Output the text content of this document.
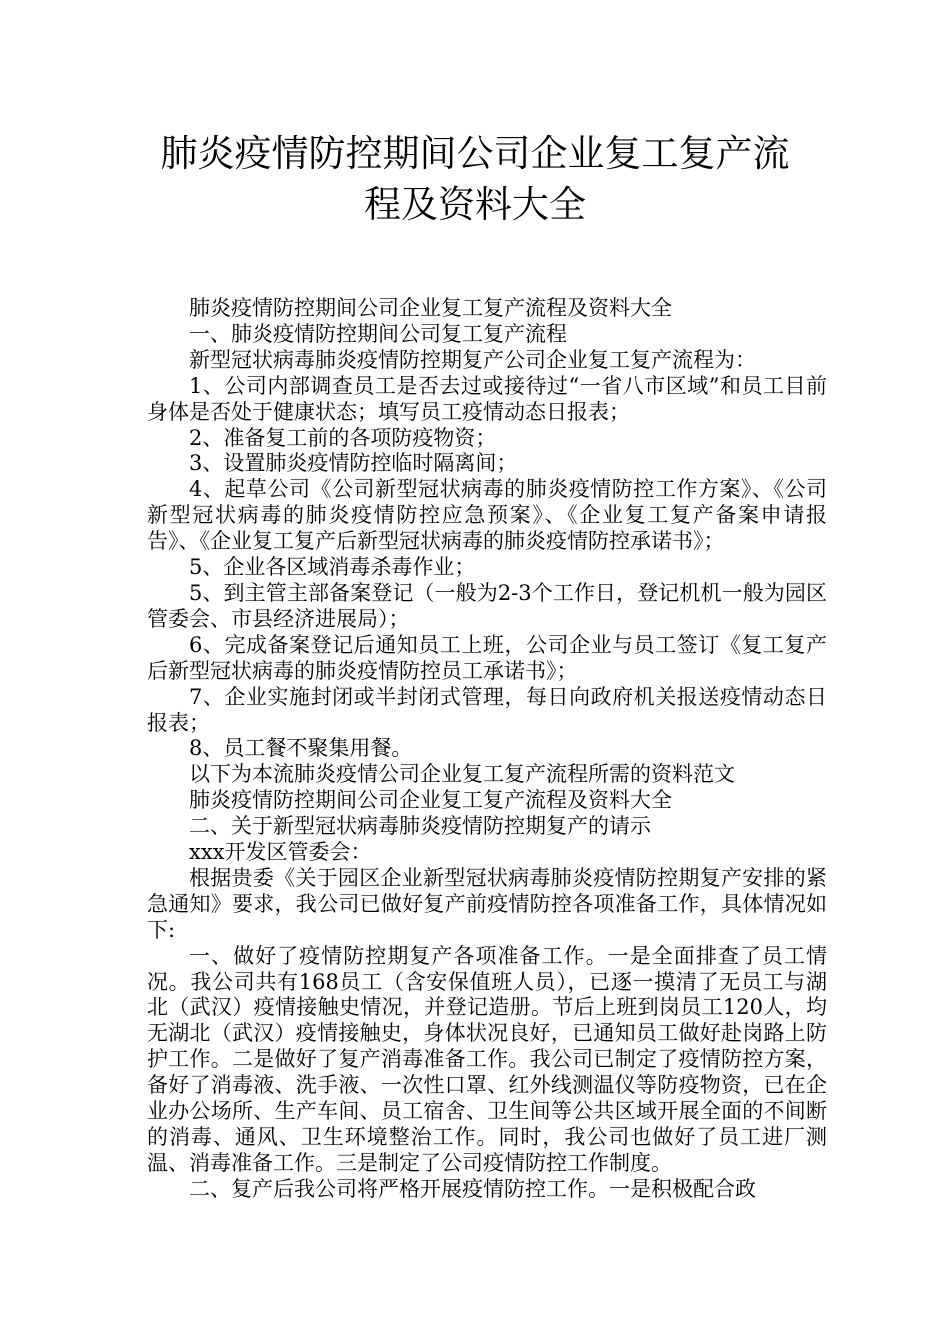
肺炎疫情防控期间公司企业复工复产流
程及资料大全

肺炎疫情防控期间公司企业复工复产流程及资料大全

一、肺炎疫情防控期间公司复工复产流程

新型冠状病毒肺炎疫情防控期复产公司企业复工复产流程为：

1、公司内部调查员工是否去过或接待过“一省八市区域”和员工目前身体是否处于健康状态；填写员工疫情动态日报表；

2、准备复工前的各项防疫物资；

3、设置肺炎疫情防控临时隔离间；

4、起草公司《公司新型冠状病毒的肺炎疫情防控工作方案》、《公司新型冠状病毒的肺炎疫情防控应急预案》、《企业复工复产备案申请报告》、《企业复工复产后新型冠状病毒的肺炎疫情防控承诺书》；

5、企业各区域消毒杀毒作业；

5、到主管主部备案登记（一般为2-3个工作日，登记机机一般为园区管委会、市县经济进展局）；

6、完成备案登记后通知员工上班，公司企业与员工签订《复工复产后新型冠状病毒的肺炎疫情防控员工承诺书》；

7、企业实施封闭或半封闭式管理，每日向政府机关报送疫情动态日报表；

8、员工餐不聚集用餐。

以下为本流肺炎疫情公司企业复工复产流程所需的资料范文

肺炎疫情防控期间公司企业复工复产流程及资料大全

二、关于新型冠状病毒肺炎疫情防控期复产的请示

xxx开发区管委会：

根据贵委《关于园区企业新型冠状病毒肺炎疫情防控期复产安排的紧急通知》要求，我公司已做好复产前疫情防控各项准备工作，具体情况如下:

一、做好了疫情防控期复产各项准备工作。一是全面排查了员工情况。我公司共有168员工（含安保值班人员），已逐一摸清了无员工与湖北（武汉）疫情接触史情况，并登记造册。节后上班到岗员工120人，均无湖北（武汉）疫情接触史，身体状况良好，已通知员工做好赴岗路上防护工作。二是做好了复产消毒准备工作。我公司已制定了疫情防控方案，备好了消毒液、洗手液、一次性口罩、红外线测温仪等防疫物资，已在企业办公场所、生产车间、员工宿舍、卫生间等公共区域开展全面的不间断的消毒、通风、卫生环境整治工作。同时，我公司也做好了员工进厂测温、消毒准备工作。三是制定了公司疫情防控工作制度。

二、复产后我公司将严格开展疫情防控工作。一是积极配合政
